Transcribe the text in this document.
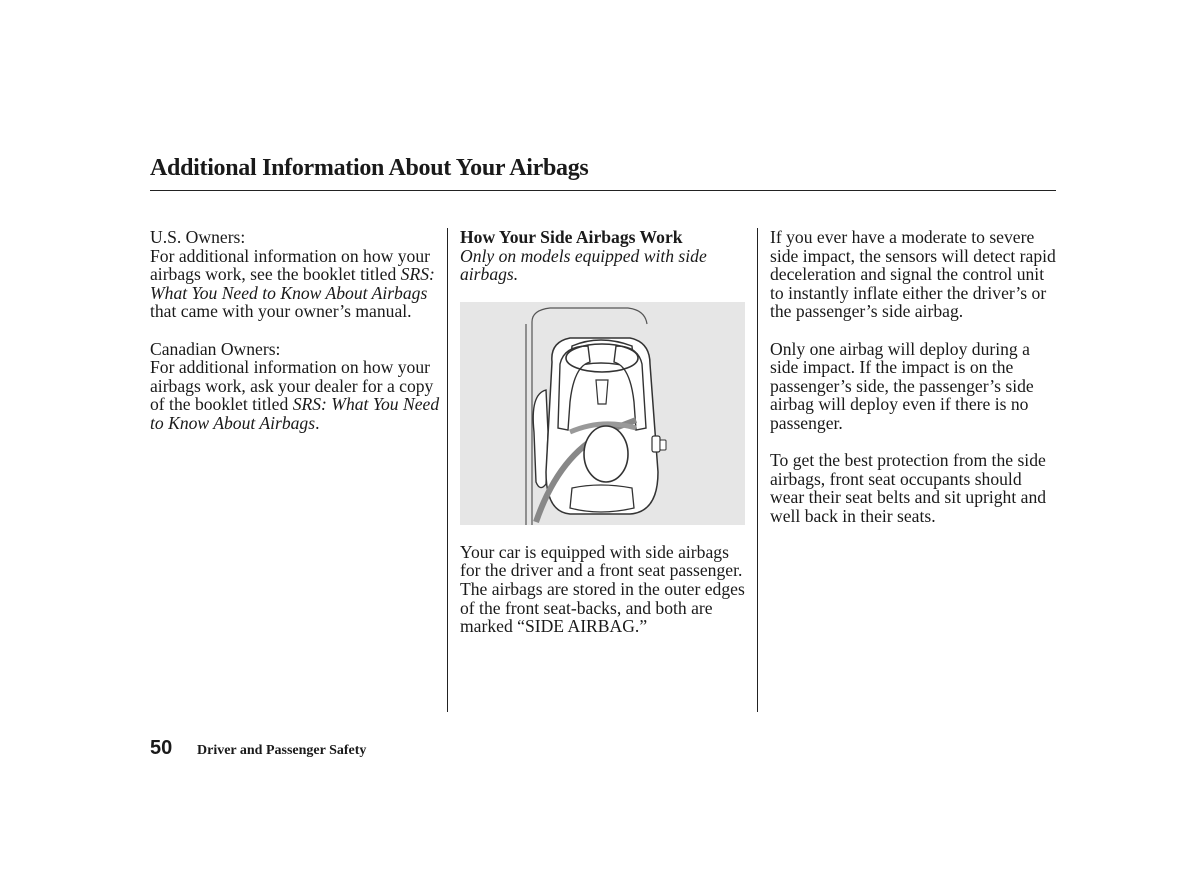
Additional Information About Your Airbags

U.S. Owners:

For additional information on how your airbags work, see the booklet titled SRS: What You Need to Know About Airbags that came with your owner’s manual.

Canadian Owners:

For additional information on how your airbags work, ask your dealer for a copy of the booklet titled SRS: What You Need to Know About Airbags.

How Your Side Airbags Work

Only on models equipped with side airbags.

Your car is equipped with side airbags for the driver and a front seat passenger. The airbags are stored in the outer edges of the front seat-backs, and both are marked “SIDE AIRBAG.”

If you ever have a moderate to severe side impact, the sensors will detect rapid deceleration and signal the control unit to instantly inflate either the driver’s or the passenger’s side airbag.

Only one airbag will deploy during a side impact. If the impact is on the passenger’s side, the passenger’s side airbag will deploy even if there is no passenger.

To get the best protection from the side airbags, front seat occupants should wear their seat belts and sit upright and well back in their seats.

50 Driver and Passenger Safety
